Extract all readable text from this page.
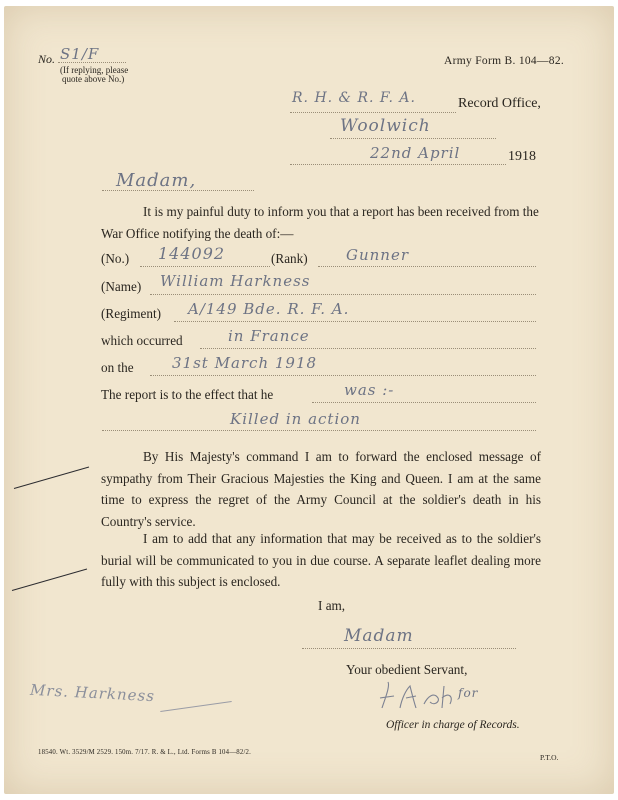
No. S1/F
(If replying, please
quote above No.)
Army Form B. 104—82.
R. H. & R. F. A.	Record Office,
Woolwich
22nd April	1918
Madam,
It is my painful duty to inform you that a report has been received from the War Office notifying the death of:—
(No.) 144092	(Rank)	Gunner
(Name) William Harkness
(Regiment) A/149 Bde. R. F. A.
which occurred	in France
on the	31st March 1918
The report is to the effect that he	was :-
Killed in action
By His Majesty's command I am to forward the enclosed message of sympathy from Their Gracious Majesties the King and Queen. I am at the same time to express the regret of the Army Council at the soldier's death in his Country's service.
I am to add that any information that may be received as to the soldier's burial will be communicated to you in due course. A separate leaflet dealing more fully with this subject is enclosed.
I am,
Madam
Your obedient Servant,
for
Officer in charge of Records.
Mrs. Harkness
18540. Wt. 3529/M 2529. 150m. 7/17. R. & L., Ltd. Forms B 104—82/2.
P.T.O.
